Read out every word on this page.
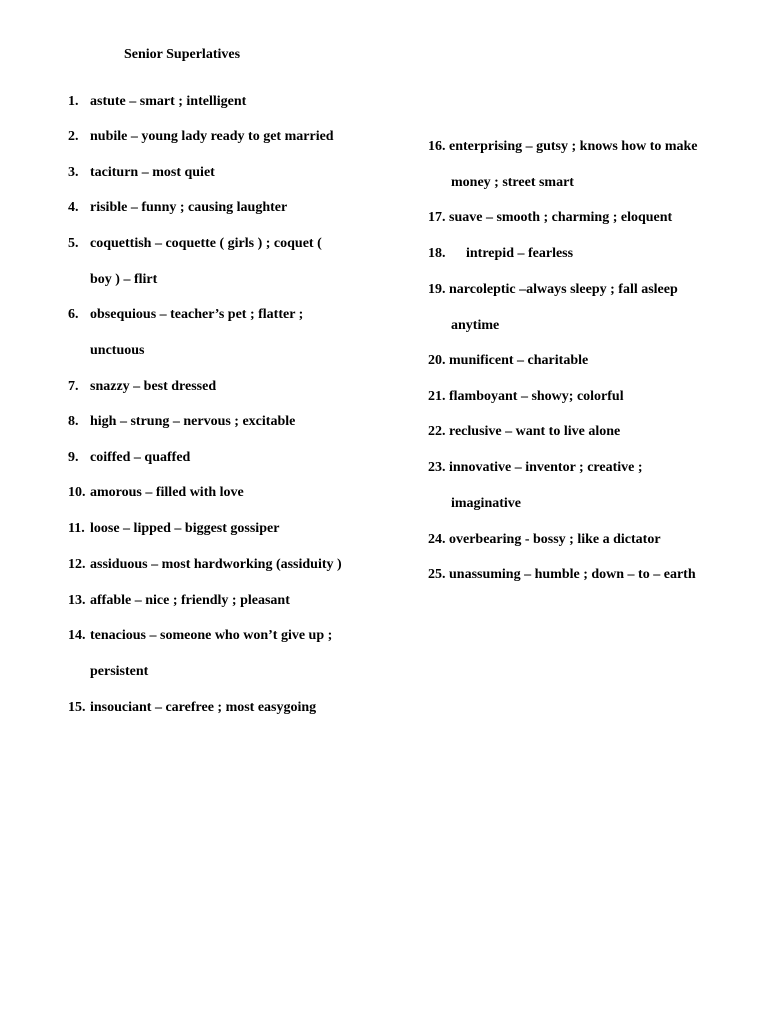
Senior Superlatives
1. astute – smart ; intelligent
2. nubile – young lady ready to get married
3. taciturn – most quiet
4. risible – funny ; causing laughter
5. coquettish – coquette ( girls ) ; coquet (
boy ) – flirt
6. obsequious – teacher’s pet ; flatter ;
unctuous
7. snazzy – best dressed
8. high – strung – nervous ; excitable
9. coiffed – quaffed
10. amorous – filled with love
11. loose – lipped – biggest gossiper
12. assiduous – most hardworking (assiduity )
13. affable – nice ; friendly ; pleasant
14. tenacious – someone who won’t give up ;
persistent
15. insouciant – carefree ; most easygoing
16. enterprising – gutsy ; knows how to make
money ; street smart
17. suave – smooth ; charming ; eloquent
18. intrepid – fearless
19. narcoleptic –always sleepy ; fall asleep
anytime
20. munificent – charitable
21. flamboyant – showy; colorful
22. reclusive – want to live alone
23. innovative – inventor ; creative ;
imaginative
24. overbearing - bossy ; like a dictator
25. unassuming – humble ; down – to – earth
